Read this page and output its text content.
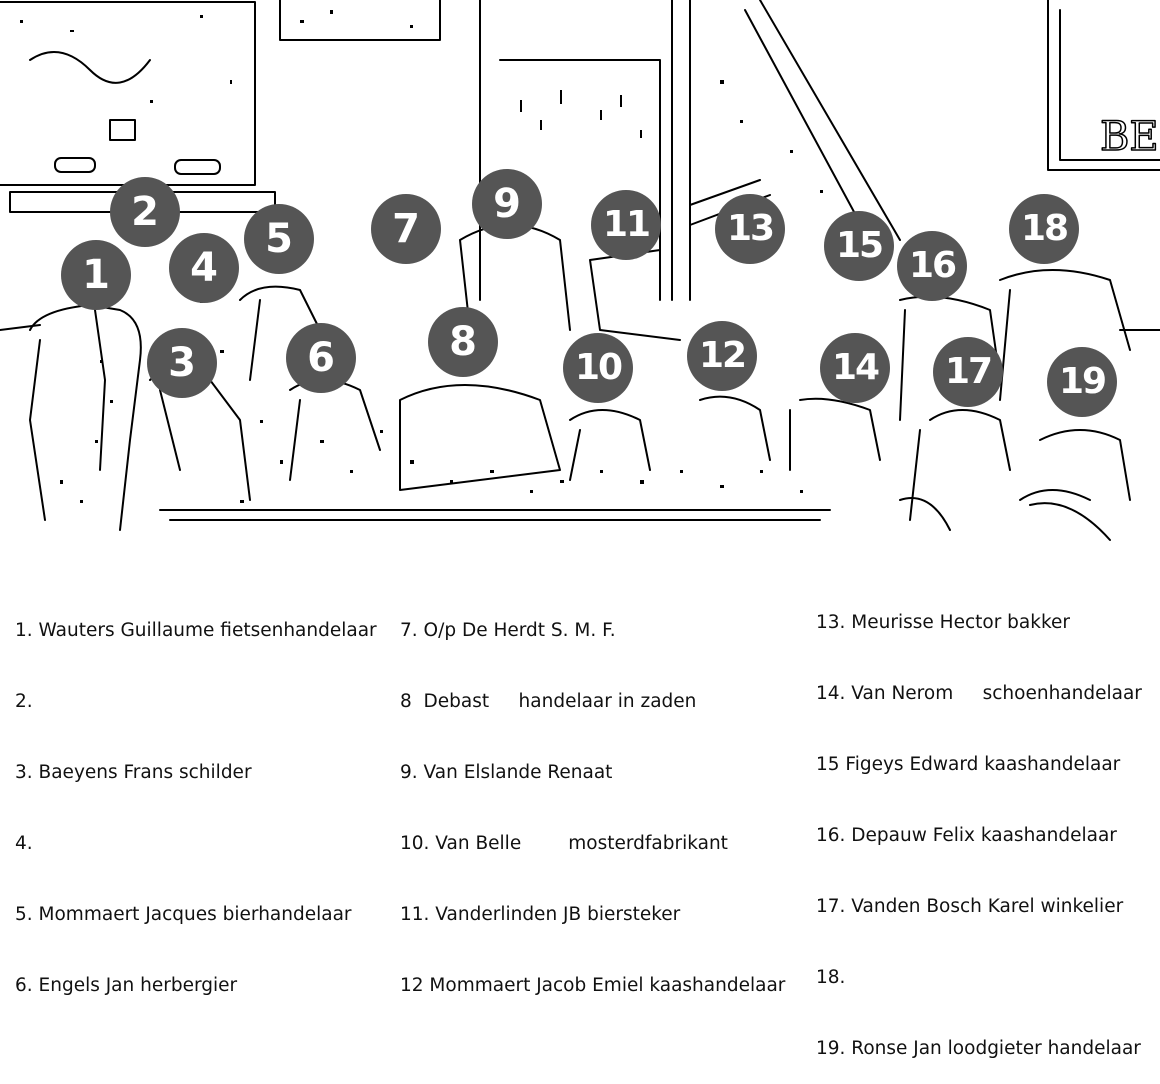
BE
1
2
3
4
5
6
7
8
9
10
11
12
13
14
15 16
17
18
19

1. Wauters Guillaume fietsenhandelaar

2.

3. Baeyens Frans schilder

4.

5. Mommaert Jacques bierhandelaar

6. Engels Jan herbergier

7. O/p De Herdt S. M. F.

8  Debast     handelaar in zaden

9. Van Elslande Renaat

10. Van Belle        mosterdfabrikant

11. Vanderlinden JB biersteker

12 Mommaert Jacob Emiel kaashandelaar

13. Meurisse Hector bakker

14. Van Nerom     schoenhandelaar

15 Figeys Edward kaashandelaar

16. Depauw Felix kaashandelaar

17. Vanden Bosch Karel winkelier

18.

19. Ronse Jan loodgieter handelaar
